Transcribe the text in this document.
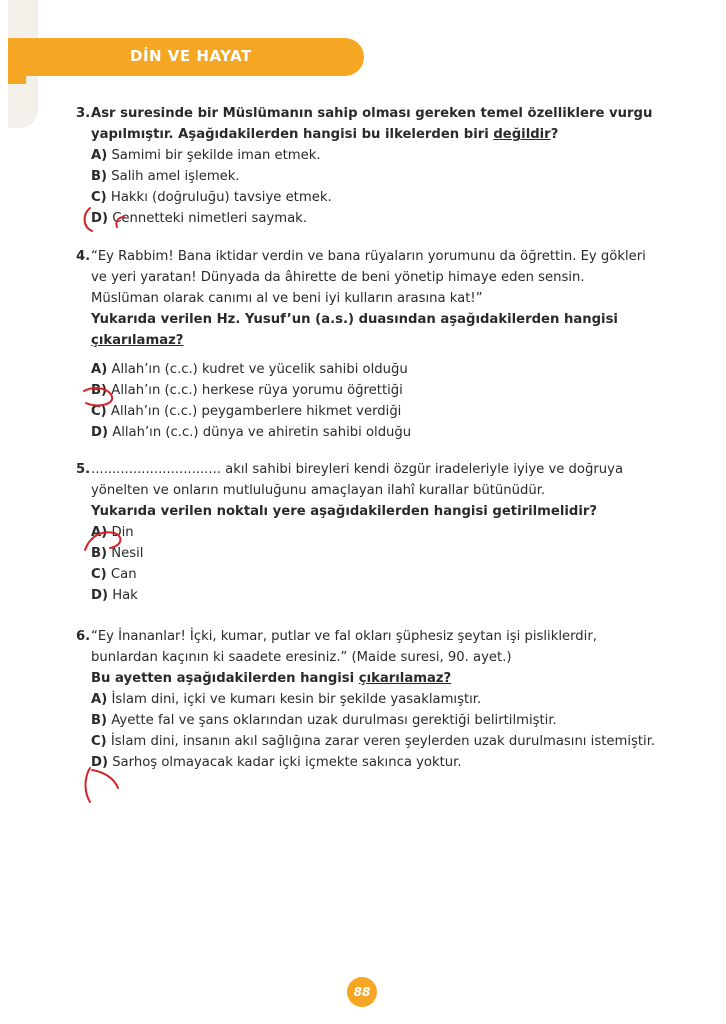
DİN VE HAYAT
3. Asr suresinde bir Müslümanın sahip olması gereken temel özelliklere vurgu yapılmıştır. Aşağıdakilerden hangisi bu ilkelerden biri değildir?
A) Samimi bir şekilde iman etmek.
B) Salih amel işlemek.
C) Hakkı (doğruluğu) tavsiye etmek.
D) Cennetteki nimetleri saymak.
4. “Ey Rabbim! Bana iktidar verdin ve bana rüyaların yorumunu da öğrettin. Ey gökleri ve yeri yaratan! Dünyada da âhirette de beni yönetip himaye eden sensin. Müslüman olarak canımı al ve beni iyi kulların arasına kat!”
Yukarıda verilen Hz. Yusuf’un (a.s.) duasından aşağıdakilerden hangisi çıkarılamaz?
A) Allah’ın (c.c.) kudret ve yücelik sahibi olduğu
B) Allah’ın (c.c.) herkese rüya yorumu öğrettiği
C) Allah’ın (c.c.) peygamberlere hikmet verdiği
D) Allah’ın (c.c.) dünya ve ahiretin sahibi olduğu
5. ............................... akıl sahibi bireyleri kendi özgür iradeleriyle iyiye ve doğruya yönelten ve onların mutluluğunu amaçlayan ilahî kurallar bütünüdür.
Yukarıda verilen noktalı yere aşağıdakilerden hangisi getirilmelidir?
A) Din
B) Nesil
C) Can
D) Hak
6. “Ey İnananlar! İçki, kumar, putlar ve fal okları şüphesiz şeytan işi pisliklerdir, bunlardan kaçının ki saadete eresiniz.” (Maide suresi, 90. ayet.)
Bu ayetten aşağıdakilerden hangisi çıkarılamaz?
A) İslam dini, içki ve kumarı kesin bir şekilde yasaklamıştır.
B) Ayette fal ve şans oklarından uzak durulması gerektiği belirtilmiştir.
C) İslam dini, insanın akıl sağlığına zarar veren şeylerden uzak durulmasını istemiştir.
D) Sarhoş olmayacak kadar içki içmekte sakınca yoktur.
88
